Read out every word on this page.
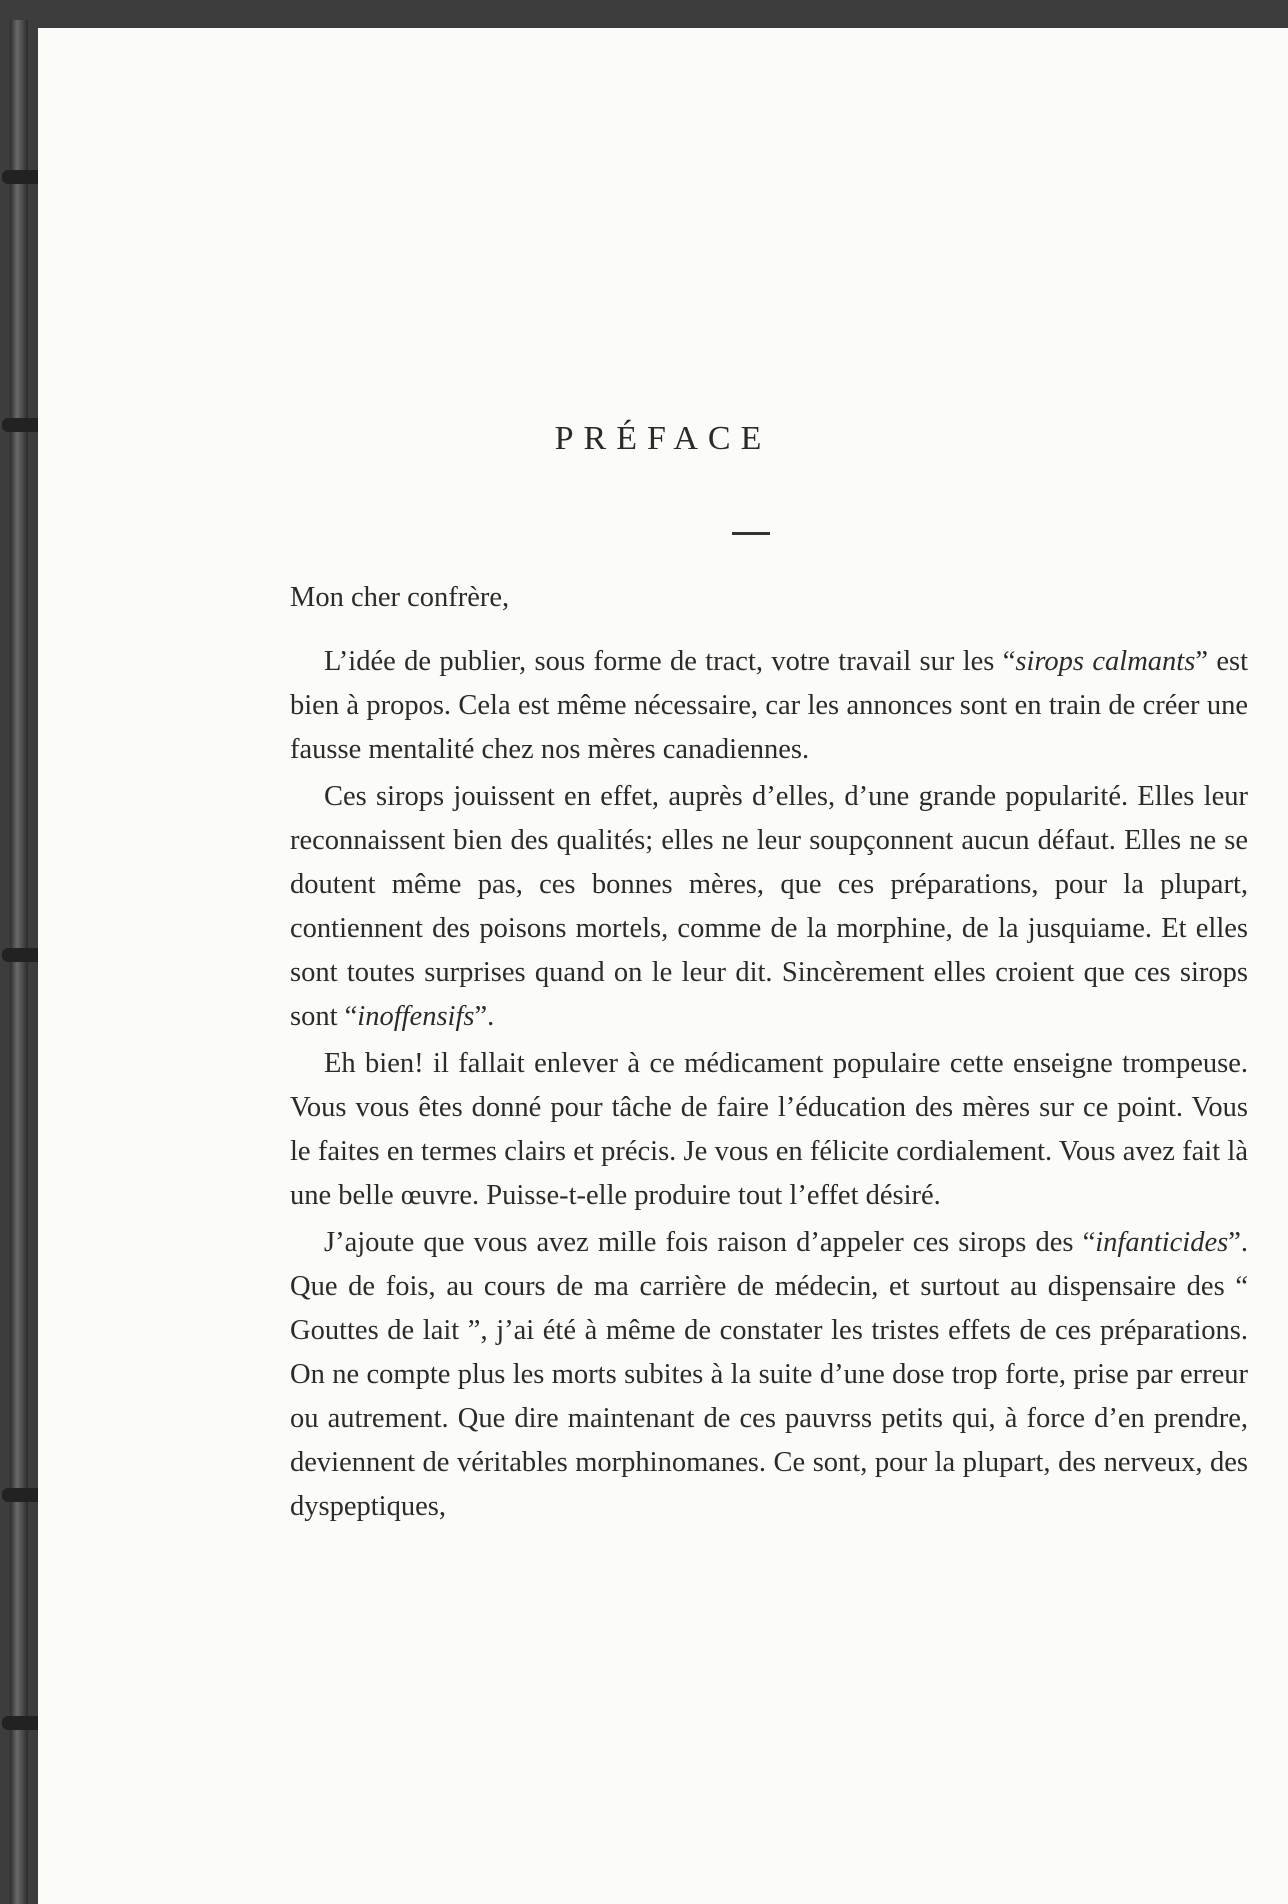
PRÉFACE

Mon cher confrère,

L’idée de publier, sous forme de tract, votre travail sur les “sirops calmants” est bien à propos. Cela est même nécessaire, car les annonces sont en train de créer une fausse mentalité chez nos mères canadiennes.

Ces sirops jouissent en effet, auprès d’elles, d’une grande popularité. Elles leur reconnaissent bien des qualités; elles ne leur soupçonnent aucun défaut. Elles ne se doutent même pas, ces bonnes mères, que ces préparations, pour la plupart, contiennent des poisons mortels, comme de la morphine, de la jusquiame. Et elles sont toutes surprises quand on le leur dit. Sincèrement elles croient que ces sirops sont “inoffensifs”.

Eh bien! il fallait enlever à ce médicament populaire cette enseigne trompeuse. Vous vous êtes donné pour tâche de faire l’éducation des mères sur ce point. Vous le faites en termes clairs et précis. Je vous en félicite cordialement. Vous avez fait là une belle œuvre. Puisse-t-elle produire tout l’effet désiré.

J’ajoute que vous avez mille fois raison d’appeler ces sirops des “infanticides”. Que de fois, au cours de ma carrière de médecin, et surtout au dispensaire des “ Gouttes de lait ”, j’ai été à même de constater les tristes effets de ces préparations. On ne compte plus les morts subites à la suite d’une dose trop forte, prise par erreur ou autrement. Que dire maintenant de ces pauvrss petits qui, à force d’en prendre, deviennent de véritables morphinomanes. Ce sont, pour la plupart, des nerveux, des dyspeptiques,
